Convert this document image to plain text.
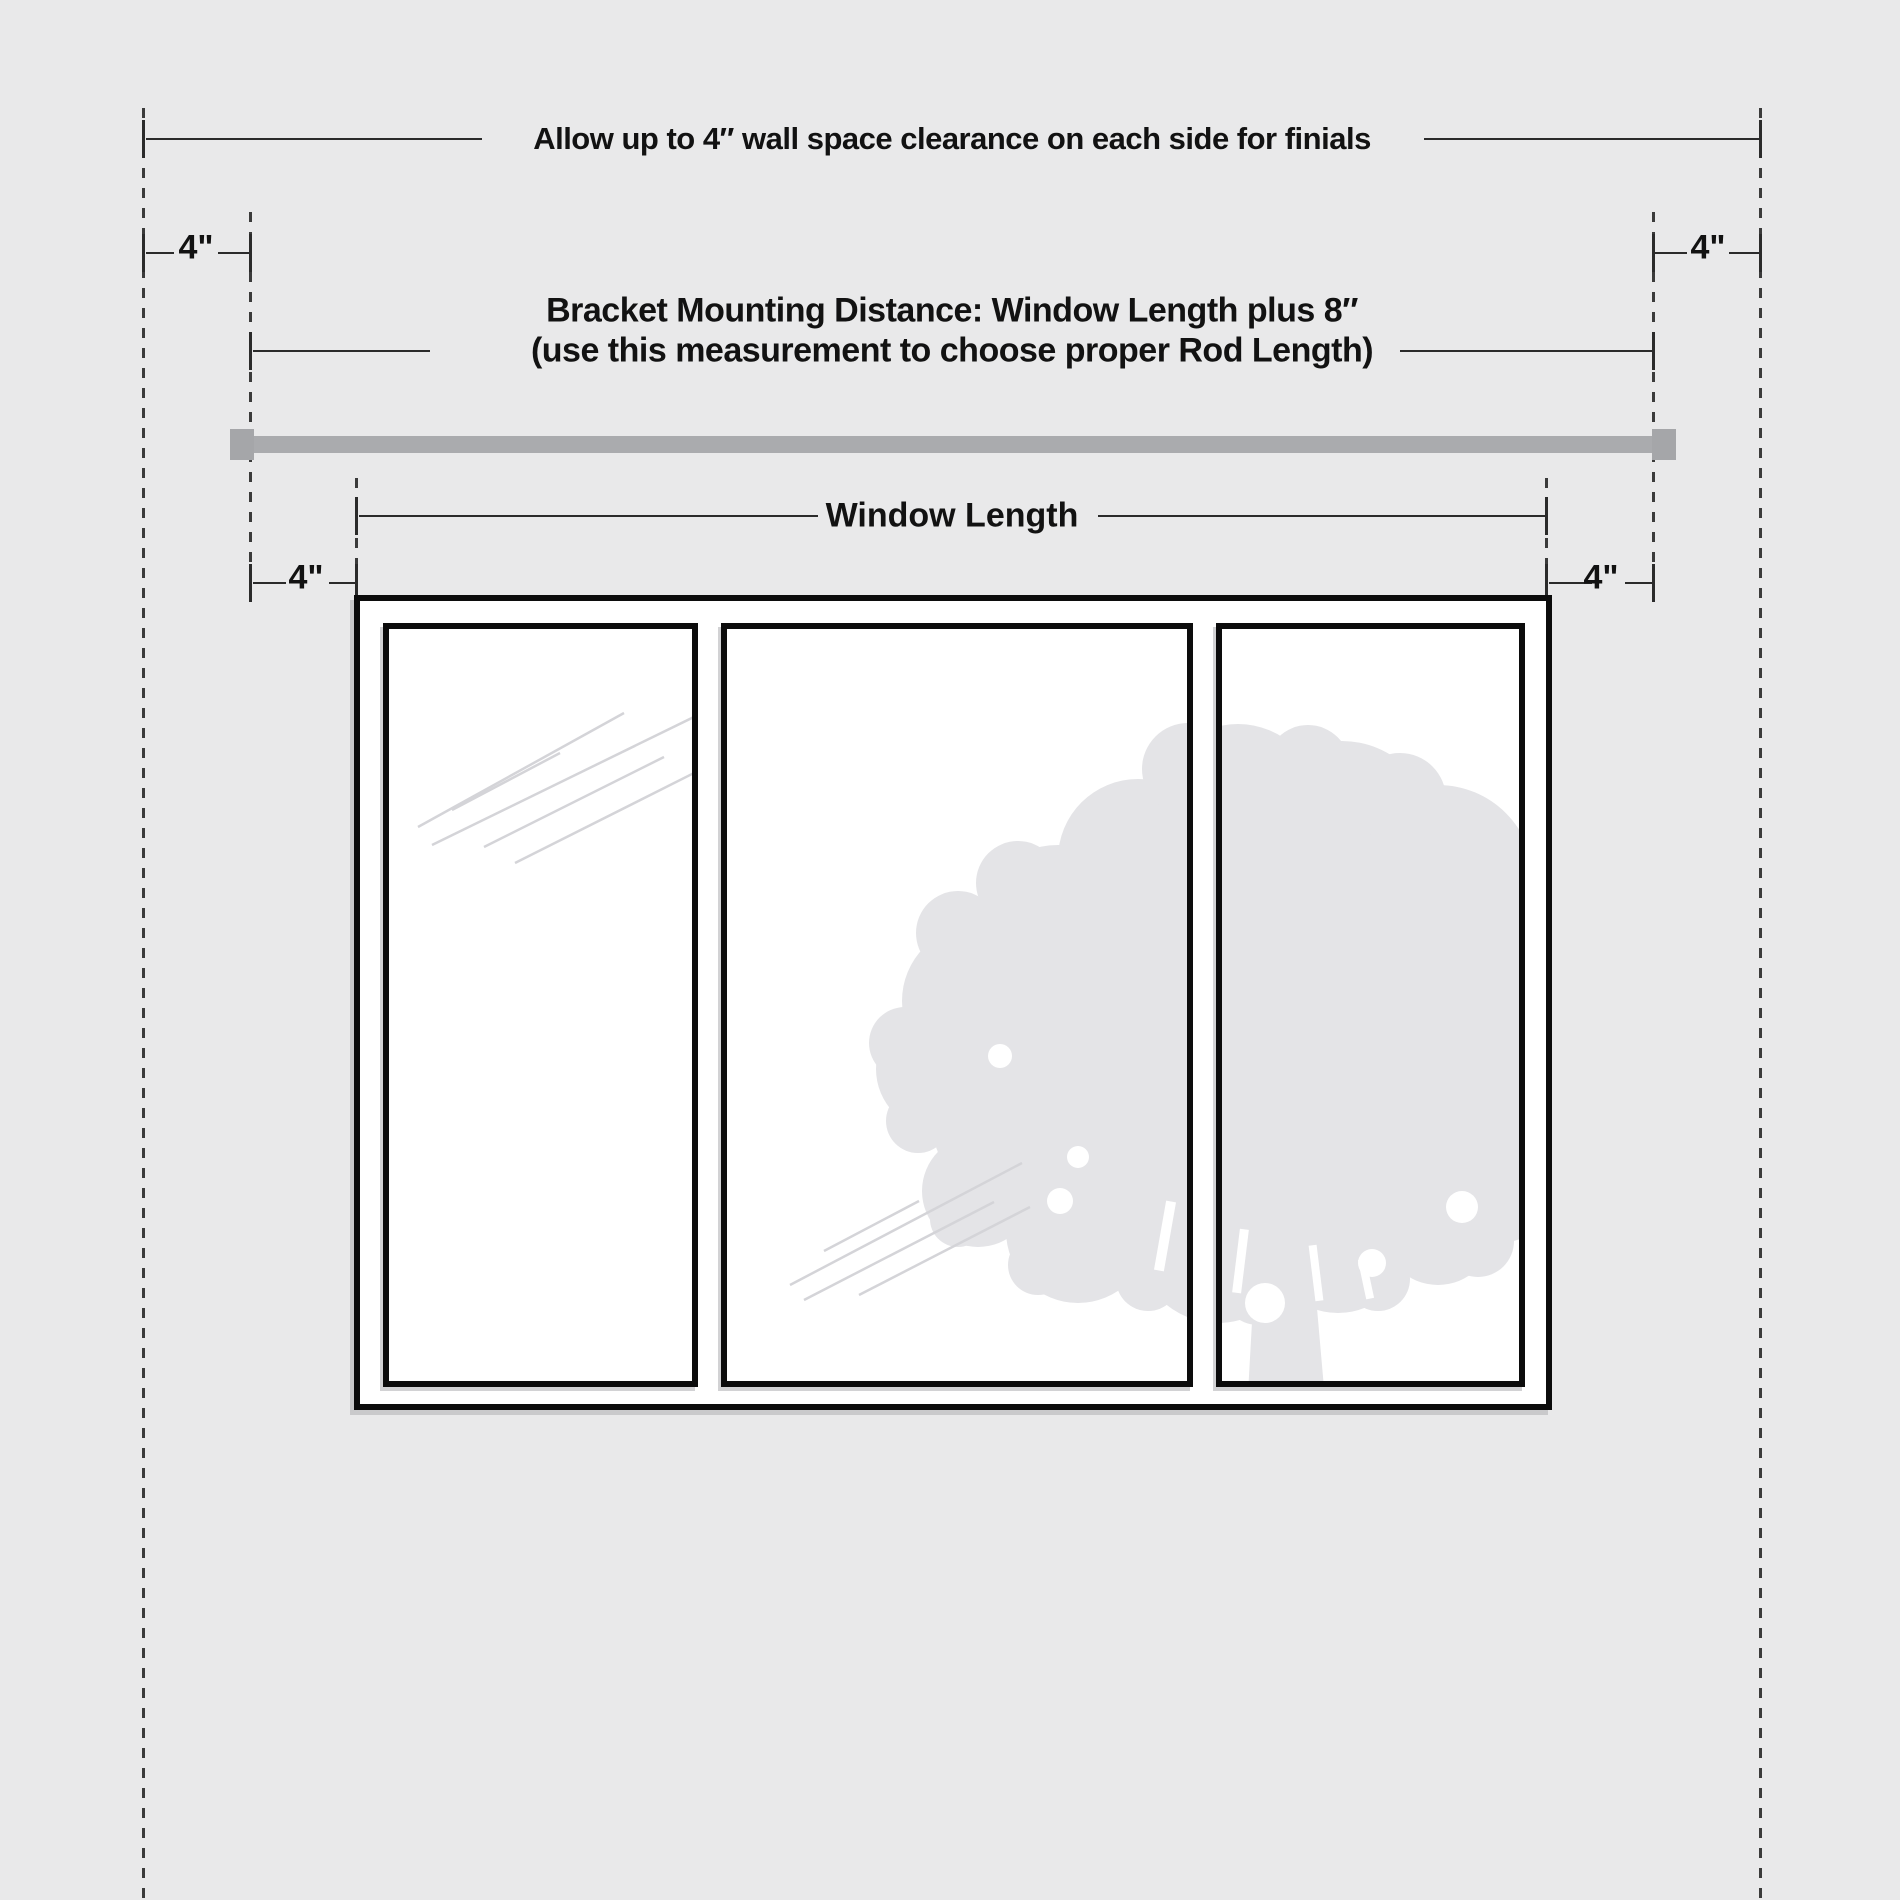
Allow up to 4″ wall space clearance on each side for finials
4"	4"
Bracket Mounting Distance: Window Length plus 8″
(use this measurement to choose proper Rod Length)
Window Length
4"	4"
